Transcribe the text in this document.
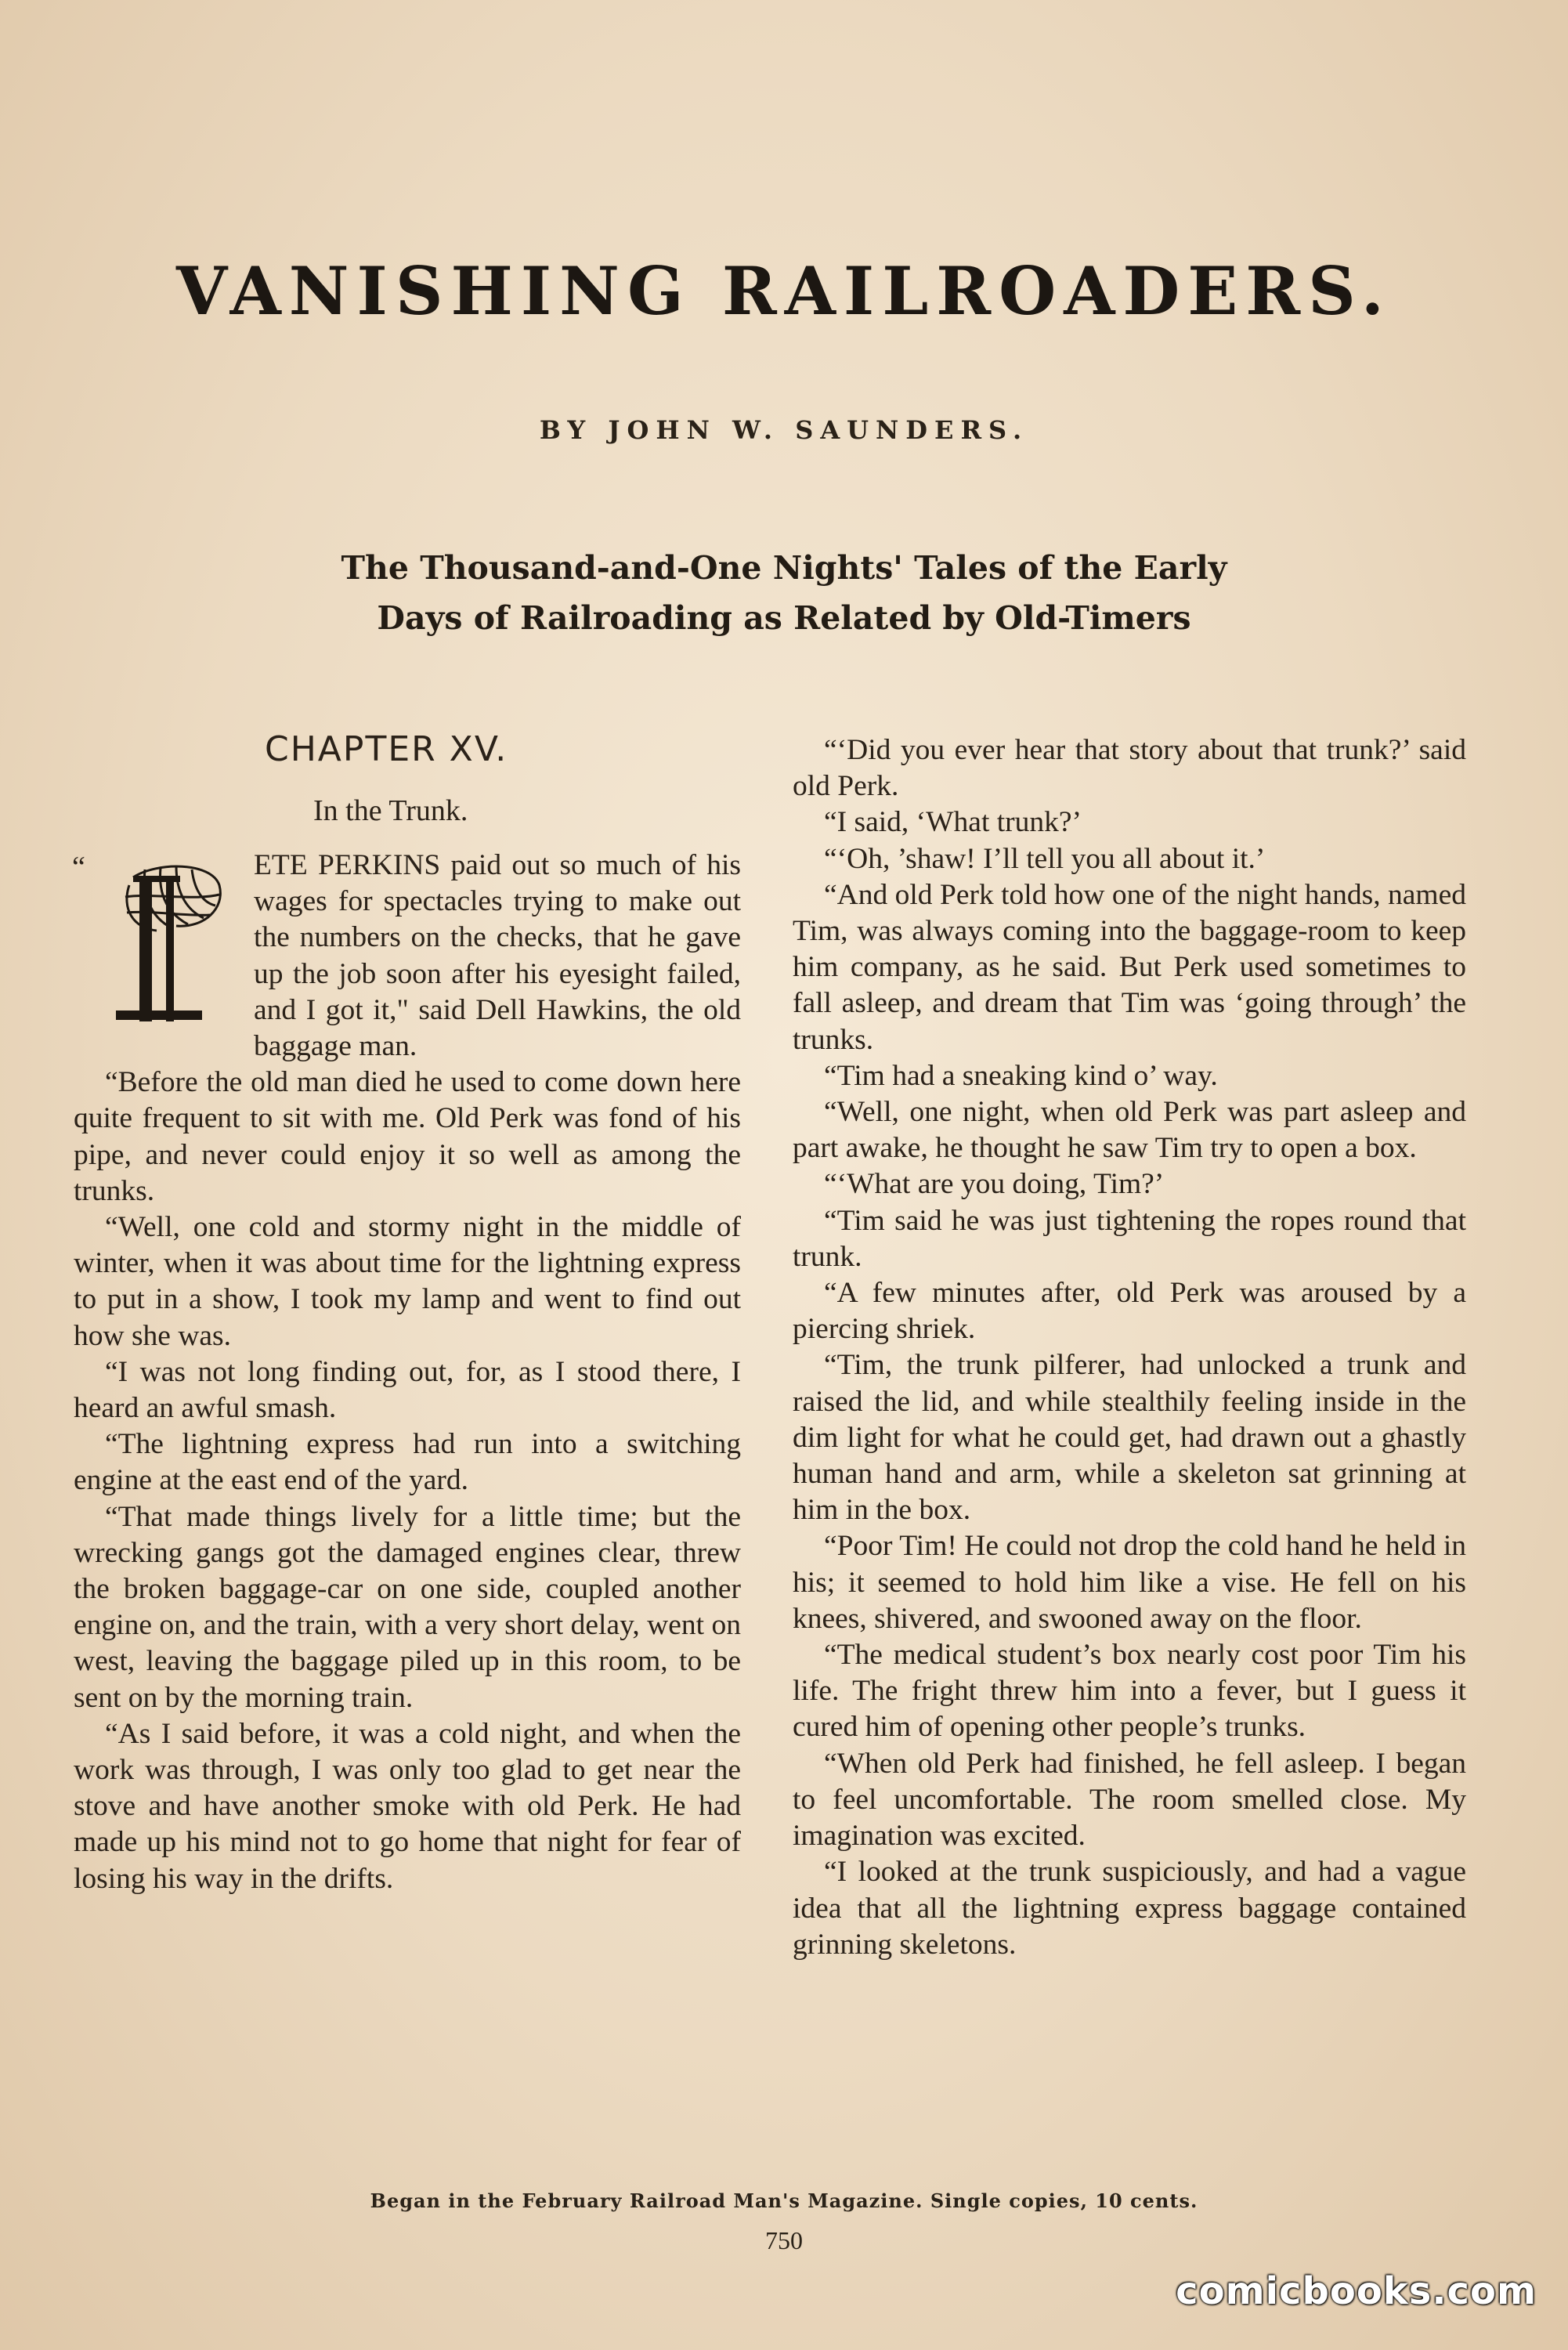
VANISHING RAILROADERS.
BY JOHN W. SAUNDERS.
The Thousand-and-One Nights' Tales of the Early
Days of Railroading as Related by Old-Timers
CHAPTER XV.
In the Trunk.
“	ETE PERKINS paid out so much of his wages for spectacles trying to make out the numbers on the checks, that he gave up the job soon after his eyesight failed, and I got it," said Dell Hawkins, the old baggage man.

“Before the old man died he used to come down here quite frequent to sit with me. Old Perk was fond of his pipe, and never could enjoy it so well as among the trunks.

“Well, one cold and stormy night in the middle of winter, when it was about time for the lightning express to put in a show, I took my lamp and went to find out how she was.

“I was not long finding out, for, as I stood there, I heard an awful smash.

“The lightning express had run into a switching engine at the east end of the yard.

“That made things lively for a little time; but the wrecking gangs got the damaged engines clear, threw the broken baggage-car on one side, coupled another engine on, and the train, with a very short delay, went on west, leaving the baggage piled up in this room, to be sent on by the morning train.

“As I said before, it was a cold night, and when the work was through, I was only too glad to get near the stove and have another smoke with old Perk. He had made up his mind not to go home that night for fear of losing his way in the drifts.

“‘Did you ever hear that story about that trunk?’ said old Perk.

“I said, ‘What trunk?’

“‘Oh, ’shaw! I’ll tell you all about it.’

“And old Perk told how one of the night hands, named Tim, was always coming into the baggage-room to keep him company, as he said. But Perk used sometimes to fall asleep, and dream that Tim was ‘going through’ the trunks.

“Tim had a sneaking kind o’ way.

“Well, one night, when old Perk was part asleep and part awake, he thought he saw Tim try to open a box.

“‘What are you doing, Tim?’

“Tim said he was just tightening the ropes round that trunk.

“A few minutes after, old Perk was aroused by a piercing shriek.

“Tim, the trunk pilferer, had unlocked a trunk and raised the lid, and while stealthily feeling inside in the dim light for what he could get, had drawn out a ghastly human hand and arm, while a skeleton sat grinning at him in the box.

“Poor Tim! He could not drop the cold hand he held in his; it seemed to hold him like a vise. He fell on his knees, shivered, and swooned away on the floor.

“The medical student’s box nearly cost poor Tim his life. The fright threw him into a fever, but I guess it cured him of opening other people’s trunks.

“When old Perk had finished, he fell asleep. I began to feel uncomfortable. The room smelled close. My imagination was excited.

“I looked at the trunk suspiciously, and had a vague idea that all the lightning express baggage contained grinning skeletons.

Began in the February Railroad Man's Magazine. Single copies, 10 cents.
750
comicbooks.com
